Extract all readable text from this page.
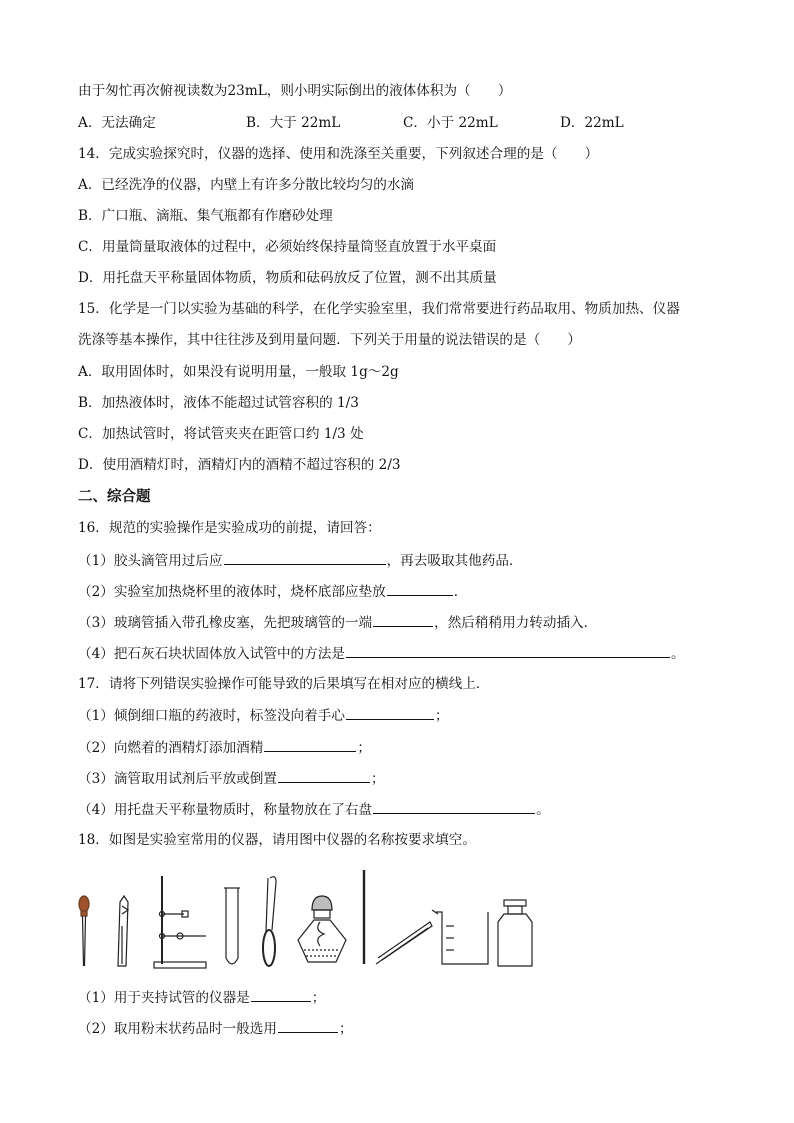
由于匆忙再次俯视读数为23mL，则小明实际倒出的液体体积为（　　）
A．无法确定	B．大于 22mL	C．小于 22mL	D．22mL
14．完成实验探究时，仪器的选择、使用和洗涤至关重要，下列叙述合理的是（　　）
A．已经洗净的仪器，内壁上有许多分散比较均匀的水滴
B．广口瓶、滴瓶、集气瓶都有作磨砂处理
C．用量筒量取液体的过程中，必须始终保持量筒竖直放置于水平桌面
D．用托盘天平称量固体物质，物质和砝码放反了位置，测不出其质量
15．化学是一门以实验为基础的科学，在化学实验室里，我们常常要进行药品取用、物质加热、仪器
洗涤等基本操作，其中往往涉及到用量问题．下列关于用量的说法错误的是（　　）
A．取用固体时，如果没有说明用量，一般取 1g～2g
B．加热液体时，液体不能超过试管容积的 1/3
C．加热试管时，将试管夹夹在距管口约 1/3 处
D．使用酒精灯时，酒精灯内的酒精不超过容积的 2/3
二、综合题
16．规范的实验操作是实验成功的前提，请回答：
（1）胶头滴管用过后应	，再去吸取其他药品．
（2）实验室加热烧杯里的液体时，烧杯底部应垫放	．
（3）玻璃管插入带孔橡皮塞，先把玻璃管的一端	，然后稍稍用力转动插入．
（4）把石灰石块状固体放入试管中的方法是	。
17．请将下列错误实验操作可能导致的后果填写在相对应的横线上．
（1）倾倒细口瓶的药液时，标签没向着手心	；
（2）向燃着的酒精灯添加酒精	；
（3）滴管取用试剂后平放或倒置	；
（4）用托盘天平称量物质时，称量物放在了右盘	。
18．如图是实验室常用的仪器，请用图中仪器的名称按要求填空。
（1）用于夹持试管的仪器是	；
（2）取用粉末状药品时一般选用	；
